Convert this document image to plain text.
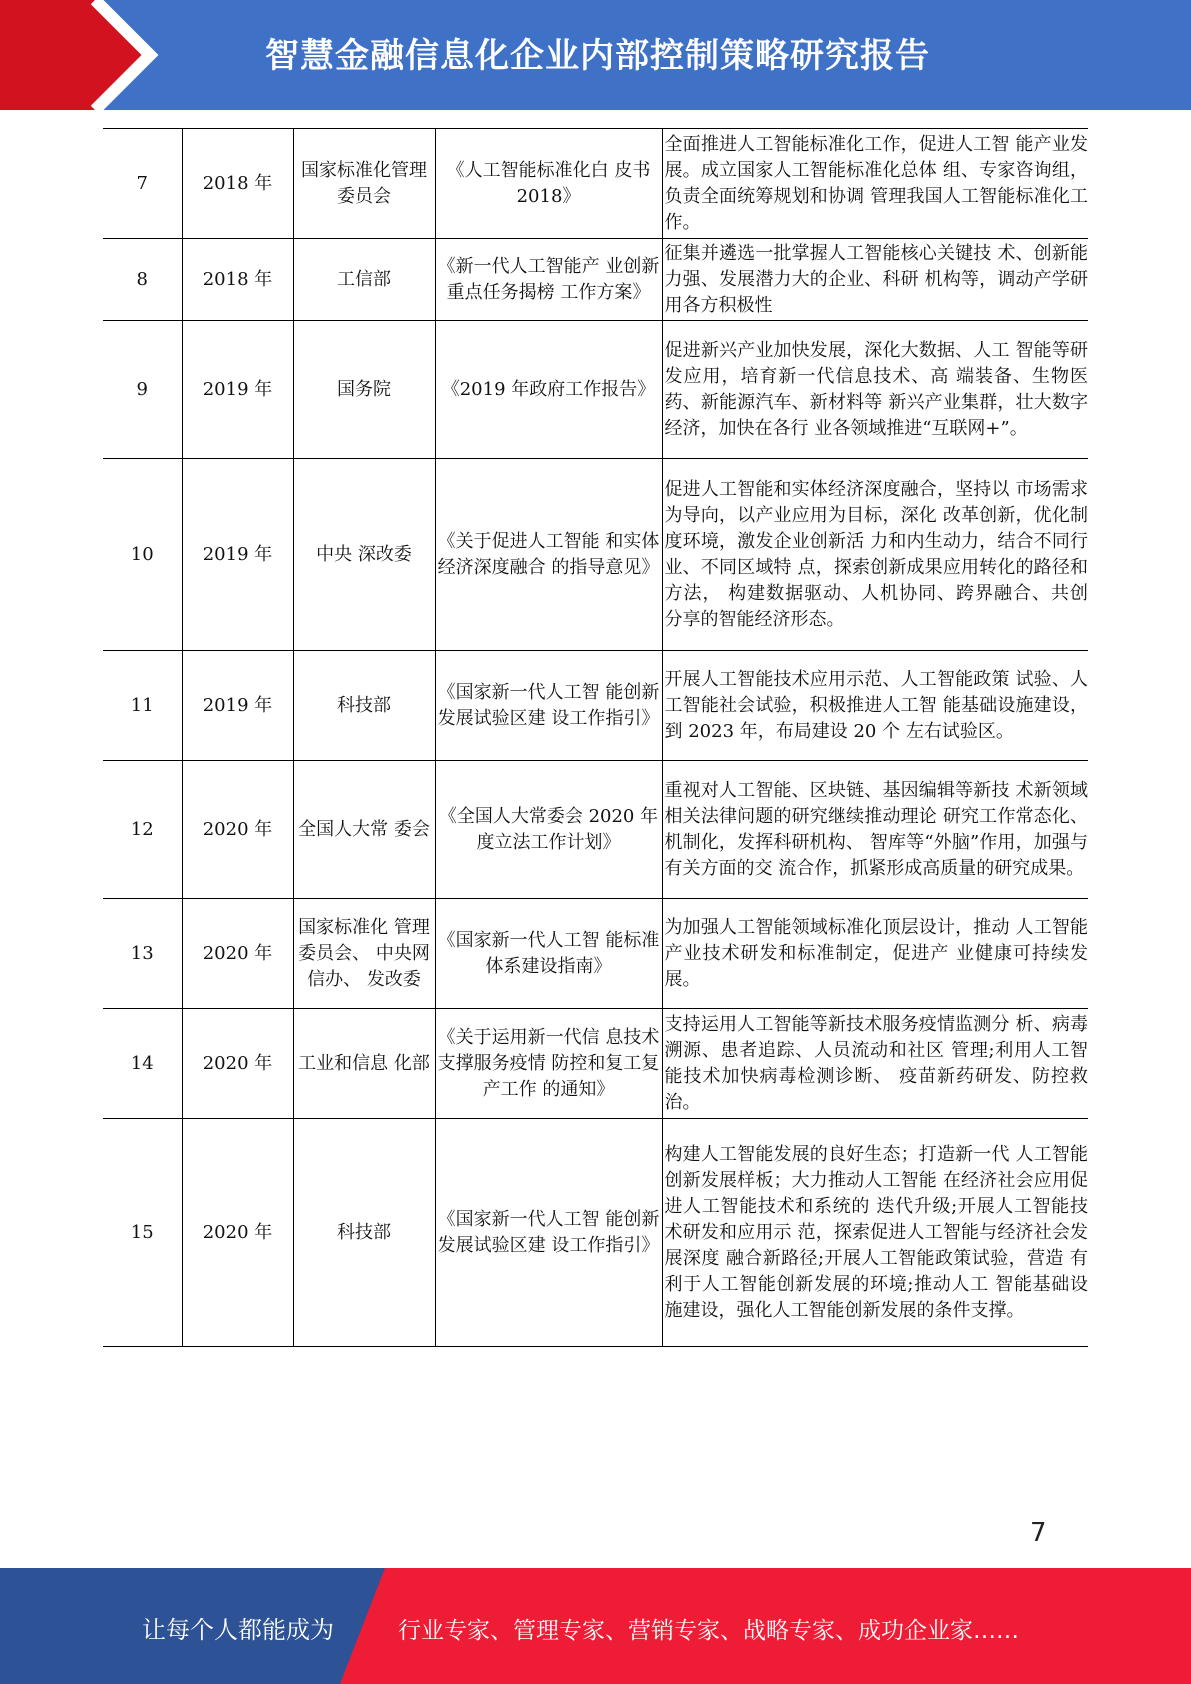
智慧金融信息化企业内部控制策略研究报告
7	2018 年	国家标准化管理委员会	《人工智能标准化白 皮书 2018》	全面推进人工智能标准化工作，促进人工智 能产业发展。成立国家人工智能标准化总体 组、专家咨询组，负责全面统筹规划和协调 管理我国人工智能标准化工作。
8	2018 年	工信部	《新一代人工智能产 业创新重点任务揭榜 工作方案》	征集并遴选一批掌握人工智能核心关键技 术、创新能力强、发展潜力大的企业、科研 机构等，调动产学研用各方积极性
9	2019 年	国务院	《2019 年政府工作报告》	促进新兴产业加快发展，深化大数据、人工 智能等研发应用，培育新一代信息技术、高 端装备、生物医药、新能源汽车、新材料等 新兴产业集群，壮大数字经济，加快在各行 业各领域推进“互联网+”。
10	2019 年	中央 深改委	《关于促进人工智能 和实体经济深度融合 的指导意见》	促进人工智能和实体经济深度融合，坚持以 市场需求为导向，以产业应用为目标，深化 改革创新，优化制度环境，激发企业创新活 力和内生动力，结合不同行业、不同区域特 点，探索创新成果应用转化的路径和方法， 构建数据驱动、人机协同、跨界融合、共创 分享的智能经济形态。
11	2019 年	科技部	《国家新一代人工智 能创新发展试验区建 设工作指引》	开展人工智能技术应用示范、人工智能政策 试验、人工智能社会试验，积极推进人工智 能基础设施建设，到 2023 年，布局建设 20 个 左右试验区。
12	2020 年	全国人大常 委会	《全国人大常委会 2020 年度立法工作计划》	重视对人工智能、区块链、基因编辑等新技 术新领域相关法律问题的研究继续推动理论 研究工作常态化、机制化，发挥科研机构、 智库等“外脑”作用，加强与有关方面的交 流合作，抓紧形成高质量的研究成果。
13	2020 年	国家标准化 管理委员会、 中央网信办、 发改委	《国家新一代人工智 能标准体系建设指南》	为加强人工智能领域标准化顶层设计，推动 人工智能产业技术研发和标准制定，促进产 业健康可持续发展。
14	2020 年	工业和信息 化部	《关于运用新一代信 息技术支撑服务疫情 防控和复工复产工作 的通知》	支持运用人工智能等新技术服务疫情监测分 析、病毒溯源、患者追踪、人员流动和社区 管理;利用人工智能技术加快病毒检测诊断、 疫苗新药研发、防控救治。
15	2020 年	科技部	《国家新一代人工智 能创新发展试验区建 设工作指引》	构建人工智能发展的良好生态；打造新一代 人工智能创新发展样板；大力推动人工智能 在经济社会应用促进人工智能技术和系统的 迭代升级;开展人工智能技术研发和应用示 范，探索促进人工智能与经济社会发展深度 融合新路径;开展人工智能政策试验，营造 有利于人工智能创新发展的环境;推动人工 智能基础设施建设，强化人工智能创新发展的条件支撑。
7
让每个人都能成为	行业专家、管理专家、营销专家、战略专家、成功企业家……
